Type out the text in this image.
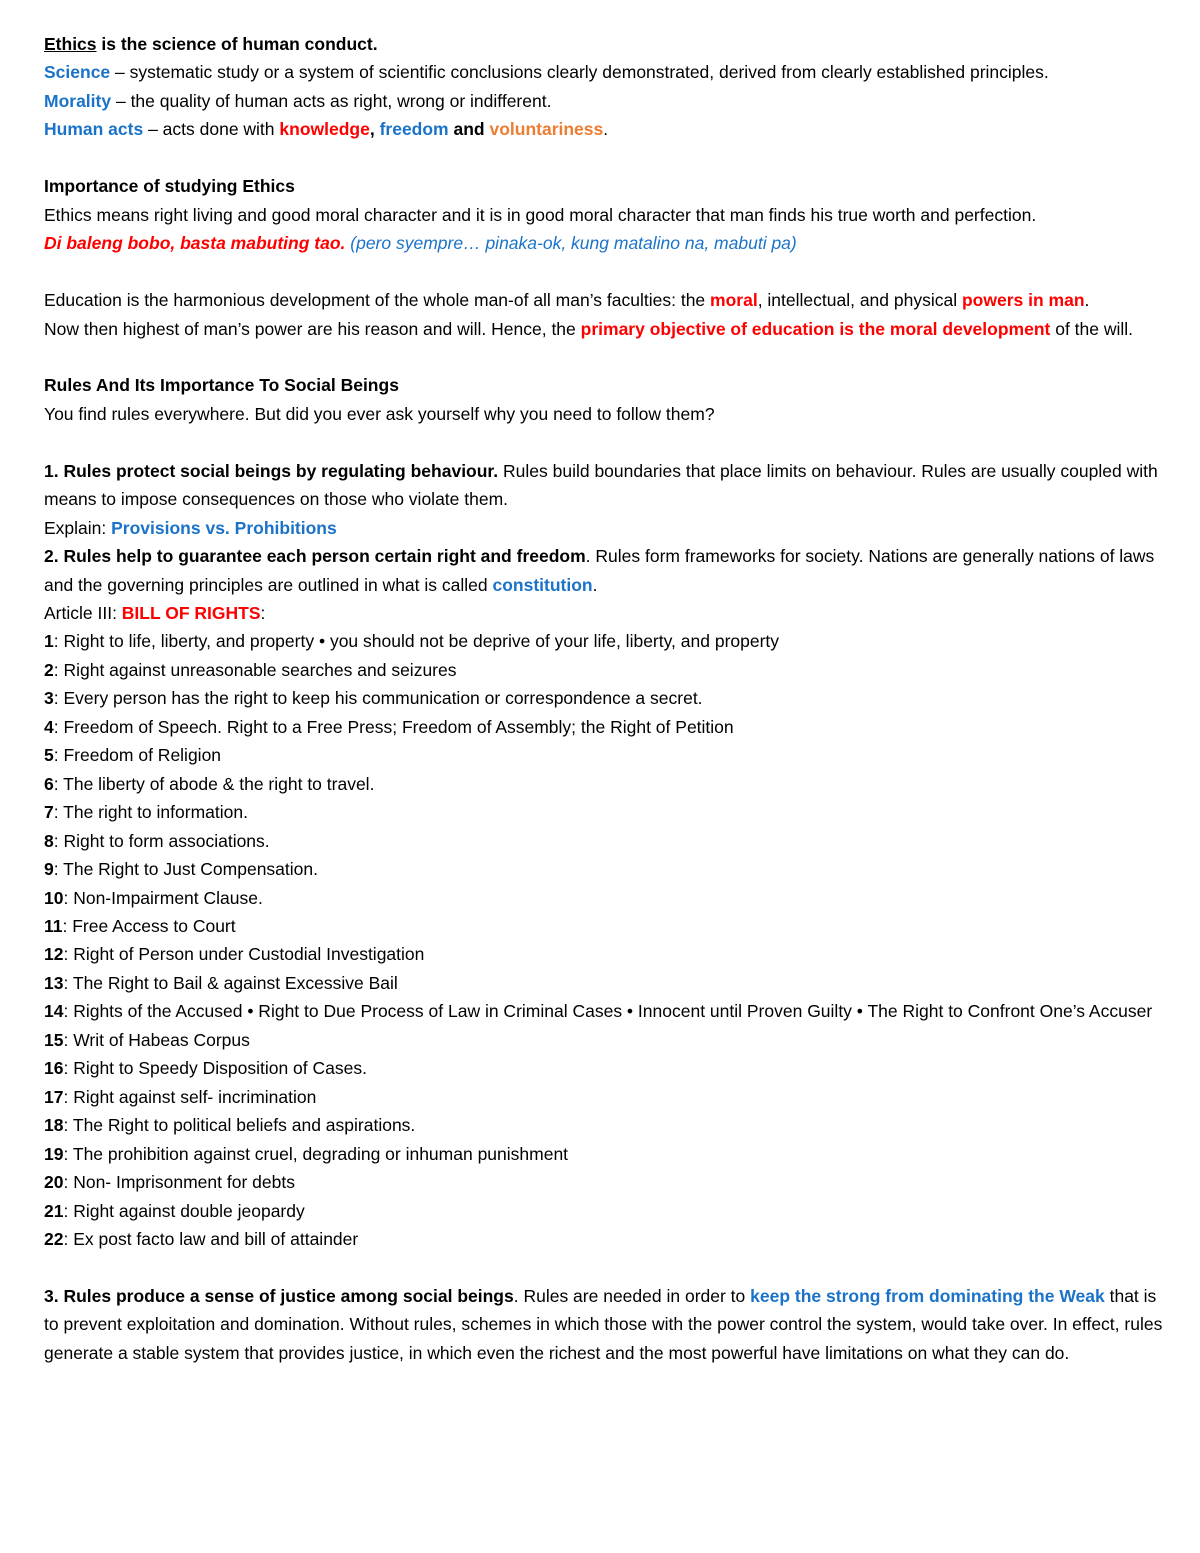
Ethics is the science of human conduct.

Science – systematic study or a system of scientific conclusions clearly demonstrated, derived from clearly established principles.

Morality – the quality of human acts as right, wrong or indifferent.

Human acts – acts done with knowledge, freedom and voluntariness.

Importance of studying Ethics

Ethics means right living and good moral character and it is in good moral character that man finds his true worth and perfection.

Di baleng bobo, basta mabuting tao. (pero syempre… pinaka-ok, kung matalino na, mabuti pa)

Education is the harmonious development of the whole man-of all man’s faculties: the moral, intellectual, and physical powers in man.

Now then highest of man’s power are his reason and will. Hence, the primary objective of education is the moral development of the will.

Rules And Its Importance To Social Beings

You find rules everywhere. But did you ever ask yourself why you need to follow them?

1. Rules protect social beings by regulating behaviour. Rules build boundaries that place limits on behaviour. Rules are usually coupled with means to impose consequences on those who violate them.

Explain: Provisions vs. Prohibitions

2. Rules help to guarantee each person certain right and freedom. Rules form frameworks for society. Nations are generally nations of laws and the governing principles are outlined in what is called constitution.

Article III: BILL OF RIGHTS:

1: Right to life, liberty, and property • you should not be deprive of your life, liberty, and property

2: Right against unreasonable searches and seizures

3: Every person has the right to keep his communication or correspondence a secret.

4: Freedom of Speech. Right to a Free Press; Freedom of Assembly; the Right of Petition

5: Freedom of Religion

6: The liberty of abode & the right to travel.

7: The right to information.

8: Right to form associations.

9: The Right to Just Compensation.

10: Non-Impairment Clause.

11: Free Access to Court

12: Right of Person under Custodial Investigation

13: The Right to Bail & against Excessive Bail

14: Rights of the Accused • Right to Due Process of Law in Criminal Cases • Innocent until Proven Guilty • The Right to Confront One’s Accuser

15: Writ of Habeas Corpus

16: Right to Speedy Disposition of Cases.

17: Right against self- incrimination

18: The Right to political beliefs and aspirations.

19: The prohibition against cruel, degrading or inhuman punishment

20: Non- Imprisonment for debts

21: Right against double jeopardy

22: Ex post facto law and bill of attainder

3. Rules produce a sense of justice among social beings. Rules are needed in order to keep the strong from dominating the Weak that is to prevent exploitation and domination. Without rules, schemes in which those with the power control the system, would take over. In effect, rules generate a stable system that provides justice, in which even the richest and the most powerful have limitations on what they can do.
